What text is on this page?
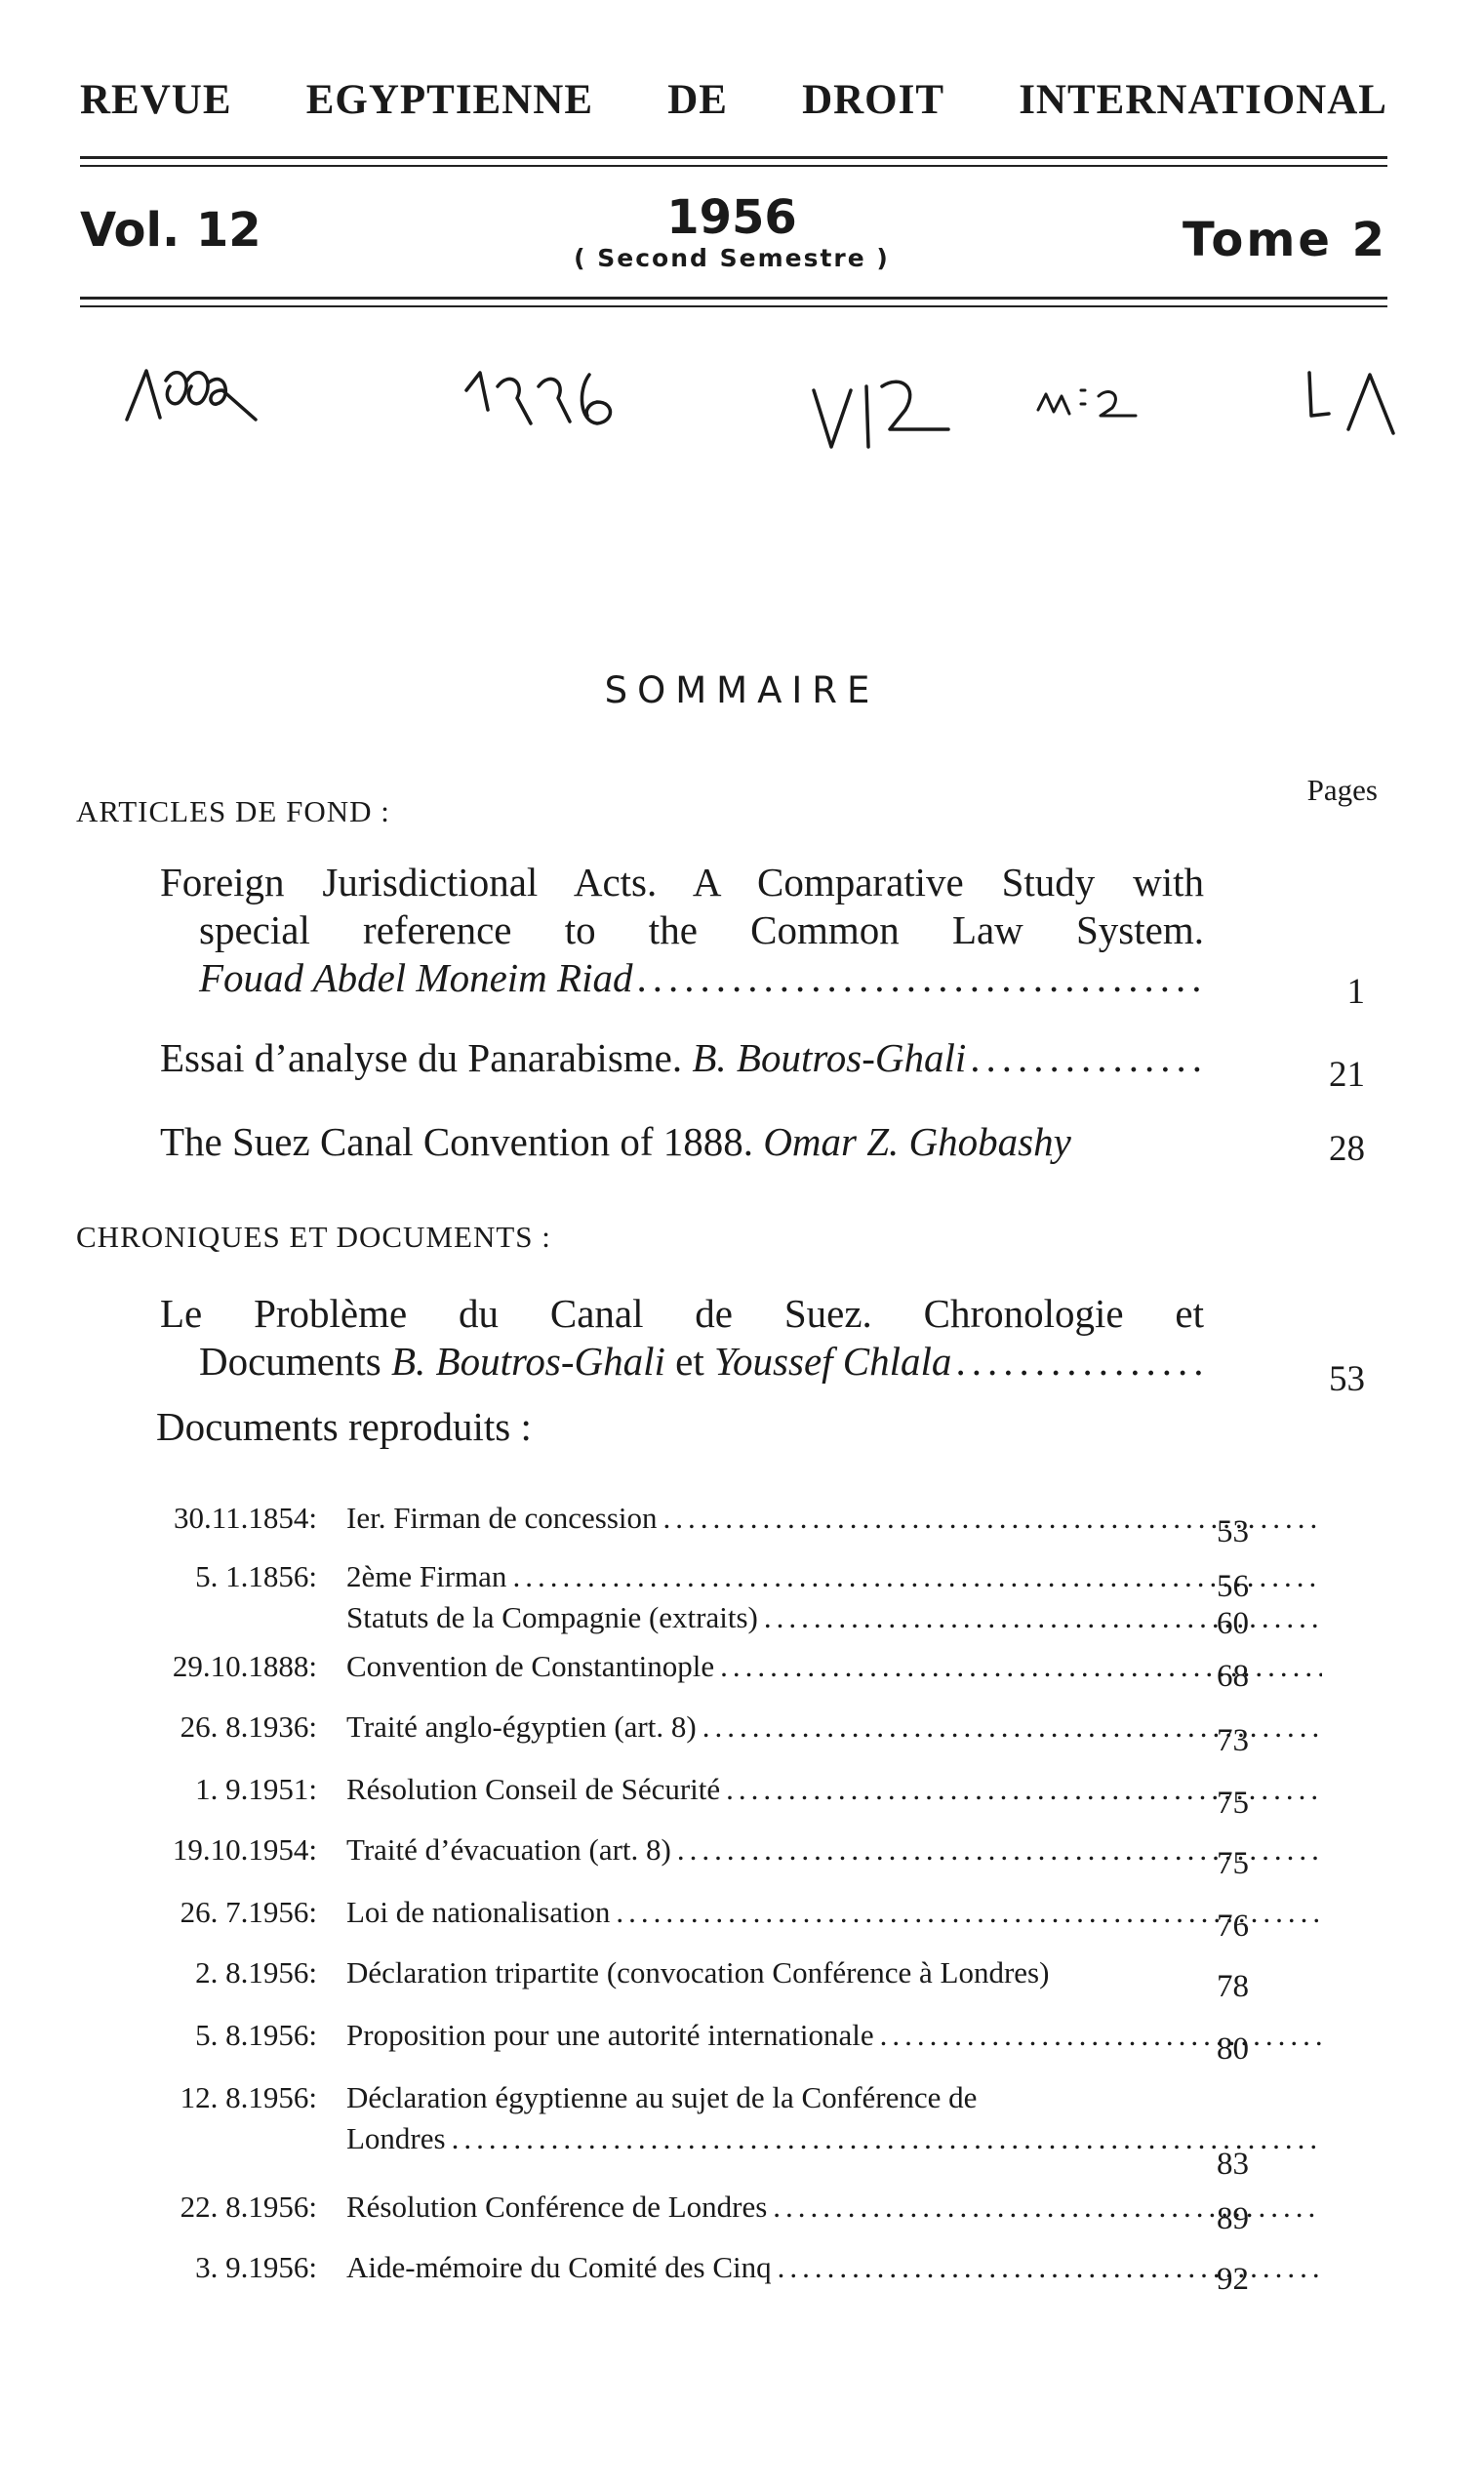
REVUE EGYPTIENNE DE DROIT INTERNATIONAL
Vol. 12	1956
( Second Semestre )	Tome 2
SOMMAIRE
Pages
ARTICLES DE FOND :
Foreign Jurisdictional Acts. A Comparative Study with
special reference to the Common Law System.
Fouad Abdel Moneim Riad .....	1
Essai d’analyse du Panarabisme.
B. Boutros-Ghali .....	21
The Suez Canal Convention of 1888.
Omar Z. Ghobashy	28
CHRONIQUES ET DOCUMENTS :
Le Problème du Canal de Suez. Chronologie et
Documents
B. Boutros-Ghali
et
Youssef Chlala .....	53
Documents reproduits :
30.11.1854: Ier. Firman de concession .....	53
5. 1.1856: 2ème Firman .....	56
Statuts de la Compagnie (extraits) .....	60
29.10.1888: Convention de Constantinople .....	68
26. 8.1936: Traité anglo-égyptien (art. 8) .....	73
1. 9.1951: Résolution Conseil de Sécurité .....	75
19.10.1954: Traité d’évacuation (art. 8) .....	75
26. 7.1956: Loi de nationalisation .....	76
2. 8.1956: Déclaration tripartite (convocation Conférence à Londres)	78
5. 8.1956: Proposition pour une autorité internationale .....	80
12. 8.1956: Déclaration égyptienne au sujet de la Conférence de
Londres
.....
83
22. 8.1956: Résolution Conférence de Londres .....	89
3. 9.1956: Aide-mémoire du Comité des Cinq .....	92
